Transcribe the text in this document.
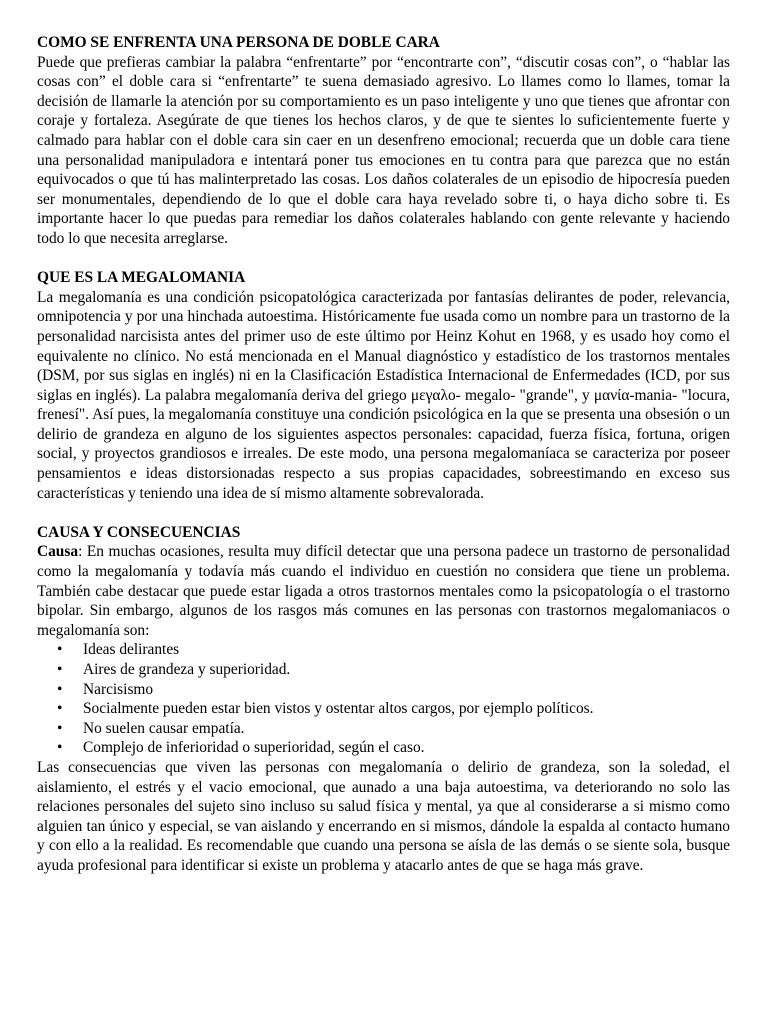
COMO SE ENFRENTA UNA PERSONA DE DOBLE CARA

Puede que prefieras cambiar la palabra “enfrentarte” por “encontrarte con”, “discutir cosas con”, o “hablar las cosas con” el doble cara si “enfrentarte” te suena demasiado agresivo. Lo llames como lo llames, tomar la decisión de llamarle la atención por su comportamiento es un paso inteligente y uno que tienes que afrontar con coraje y fortaleza. Asegúrate de que tienes los hechos claros, y de que te sientes lo suficientemente fuerte y calmado para hablar con el doble cara sin caer en un desenfreno emocional; recuerda que un doble cara tiene una personalidad manipuladora e intentará poner tus emociones en tu contra para que parezca que no están equivocados o que tú has malinterpretado las cosas. Los daños colaterales de un episodio de hipocresía pueden ser monumentales, dependiendo de lo que el doble cara haya revelado sobre ti, o haya dicho sobre ti. Es importante hacer lo que puedas para remediar los daños colaterales hablando con gente relevante y haciendo todo lo que necesita arreglarse.

QUE ES LA MEGALOMANIA

La megalomanía es una condición psicopatológica caracterizada por fantasías delirantes de poder, relevancia, omnipotencia y por una hinchada autoestima. Históricamente fue usada como un nombre para un trastorno de la personalidad narcisista antes del primer uso de este último por Heinz Kohut en 1968, y es usado hoy como el equivalente no clínico. No está mencionada en el Manual diagnóstico y estadístico de los trastornos mentales (DSM, por sus siglas en inglés) ni en la Clasificación Estadística Internacional de Enfermedades (ICD, por sus siglas en inglés). La palabra megalomanía deriva del griego μεγαλο- megalo- "grande", y μανία-mania- "locura, frenesí". Así pues, la megalomanía constituye una condición psicológica en la que se presenta una obsesión o un delirio de grandeza en alguno de los siguientes aspectos personales: capacidad, fuerza física, fortuna, origen social, y proyectos grandiosos e irreales. De este modo, una persona megalomaníaca se caracteriza por poseer pensamientos e ideas distorsionadas respecto a sus propias capacidades, sobreestimando en exceso sus características y teniendo una idea de sí mismo altamente sobrevalorada.

CAUSA Y CONSECUENCIAS

Causa: En muchas ocasiones, resulta muy difícil detectar que una persona padece un trastorno de personalidad como la megalomanía y todavía más cuando el individuo en cuestión no considera que tiene un problema. También cabe destacar que puede estar ligada a otros trastornos mentales como la psicopatología o el trastorno bipolar. Sin embargo, algunos de los rasgos más comunes en las personas con trastornos megalomaniacos o megalomanía son:

• Ideas delirantes
• Aires de grandeza y superioridad.
• Narcisismo
• Socialmente pueden estar bien vistos y ostentar altos cargos, por ejemplo políticos.
• No suelen causar empatía.
• Complejo de inferioridad o superioridad, según el caso.

Las consecuencias que viven las personas con megalomanía o delirio de grandeza, son la soledad, el aislamiento, el estrés y el vacio emocional, que aunado a una baja autoestima, va deteriorando no solo las relaciones personales del sujeto sino incluso su salud física y mental, ya que al considerarse a si mismo como alguien tan único y especial, se van aislando y encerrando en si mismos, dándole la espalda al contacto humano y con ello a la realidad. Es recomendable que cuando una persona se aísla de las demás o se siente sola, busque ayuda profesional para identificar si existe un problema y atacarlo antes de que se haga más grave.
